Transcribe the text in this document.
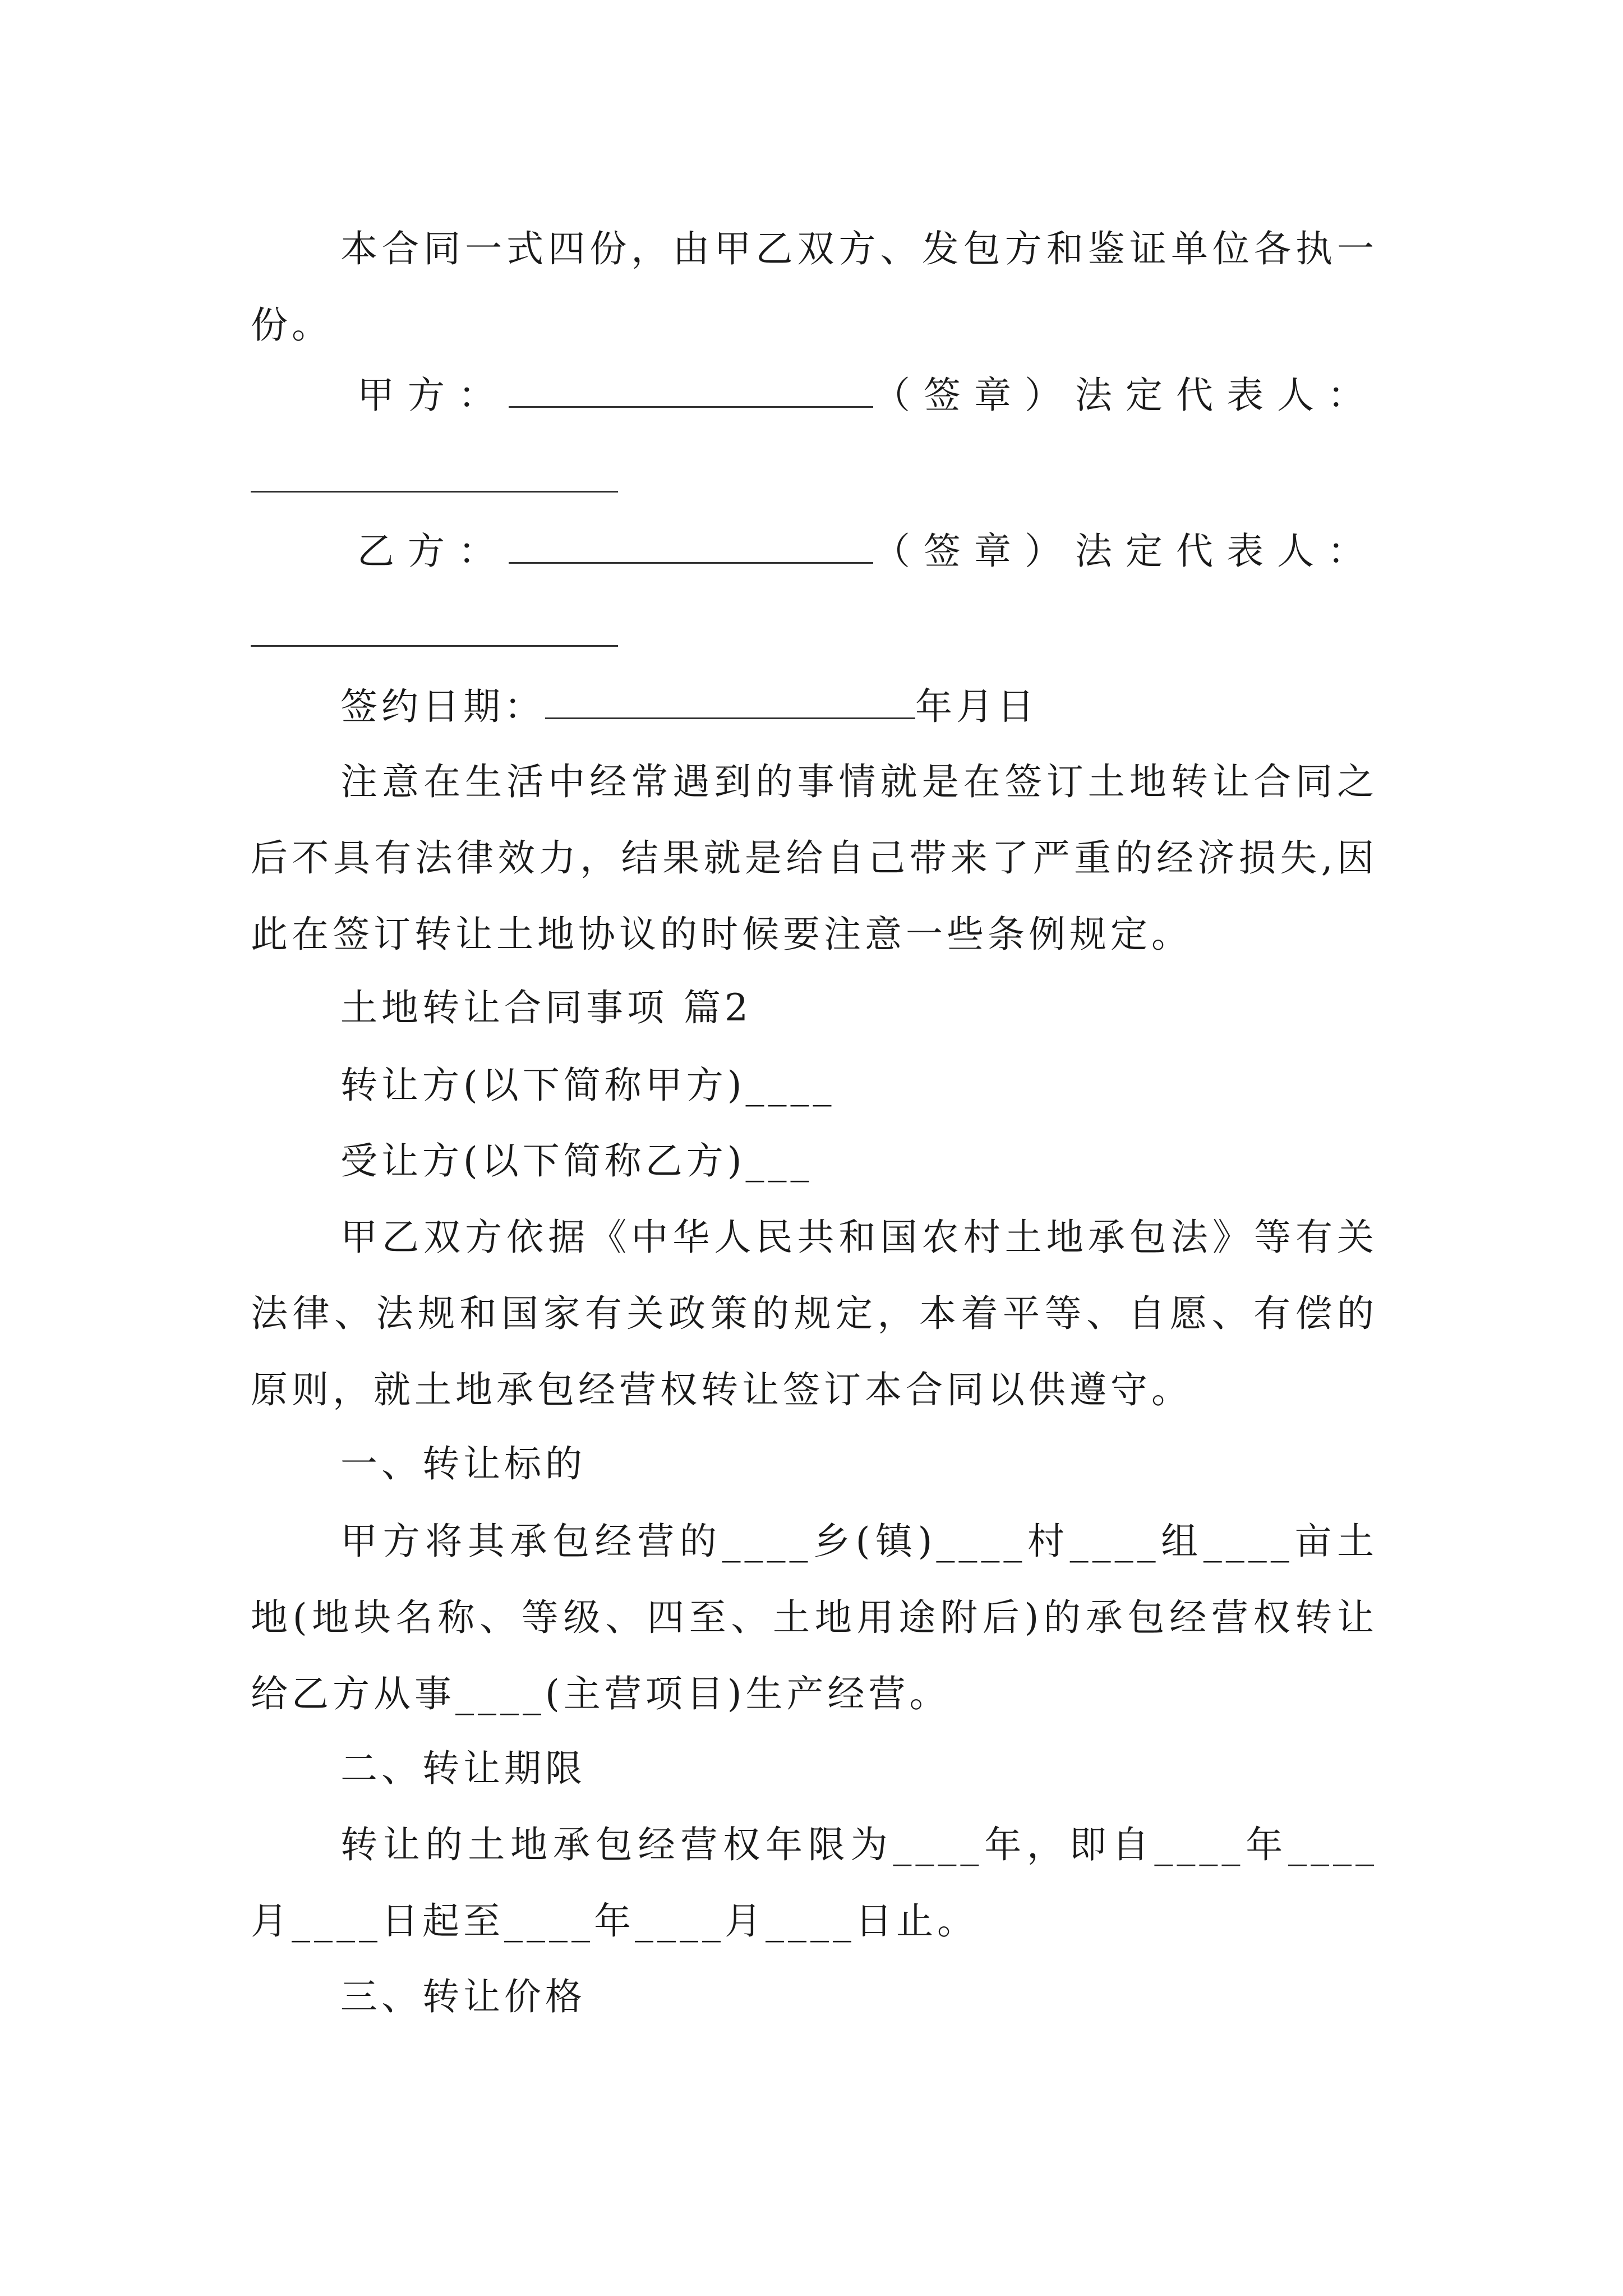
本合同一式四份，由甲乙双方、发包方和鉴证单位各执一份。

甲方：	（签章）法定代表人：
乙方：	（签章）法定代表人：
签约日期：	年月日

注意在生活中经常遇到的事情就是在签订土地转让合同之后不具有法律效力，结果就是给自己带来了严重的经济损失,因此在签订转让土地协议的时候要注意一些条例规定。

土地转让合同事项 篇2
转让方(以下简称甲方)____
受让方(以下简称乙方)___

甲乙双方依据《中华人民共和国农村土地承包法》等有关法律、法规和国家有关政策的规定，本着平等、自愿、有偿的原则，就土地承包经营权转让签订本合同以供遵守。

一、转让标的

甲方将其承包经营的____乡(镇)____村____组____亩土地(地块名称、等级、四至、土地用途附后)的承包经营权转让给乙方从事____(主营项目)生产经营。

二、转让期限

转让的土地承包经营权年限为____年，即自____年____月____日起至____年____月____日止。

三、转让价格
